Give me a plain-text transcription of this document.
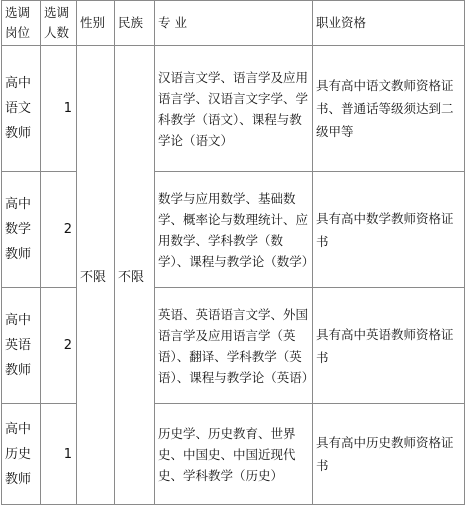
选调岗位	选调人数	性别	民族	专 业	职业资格
高中语文教师	1	不限	不限	汉语言文学、语言学及应用语言学、汉语言文字学、学科教学（语文）、课程与教学论（语文）	具有高中语文教师资格证书、普通话等级须达到二级甲等
高中数学教师	2			数学与应用数学、基础数学、概率论与数理统计、应用数学、学科教学（数学）、课程与教学论（数学）	具有高中数学教师资格证书
高中英语教师	2			英语、英语语言文学、外国语言学及应用语言学（英语）、翻译、学科教学（英语）、课程与教学论（英语）	具有高中英语教师资格证书
高中历史教师	1			历史学、历史教育、世界史、中国史、中国近现代史、学科教学（历史）	具有高中历史教师资格证书
